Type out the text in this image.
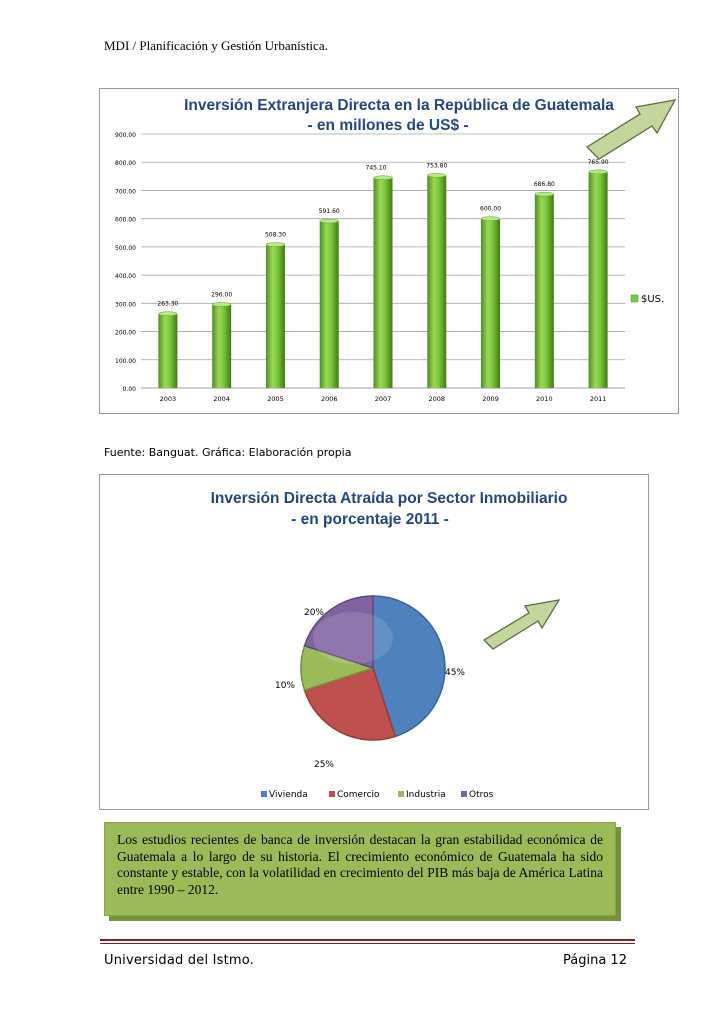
MDI / Planificación y Gestión Urbanística.
Inversión Extranjera Directa en la República de Guatemala
- en millones de US$ -
0.00
100.00
200.00
300.00
400.00
500.00
600.00
700.00
800.00
900.00
2003	2004	2005	2006	2007	2008	2009	2010	2011
263.30
296.00
508.30
591.60
745.10	753.80
600.00
686.80
765.90
$US.
Fuente: Banguat. Gráfica: Elaboración propia
Inversión Directa Atraída por Sector Inmobiliario
- en porcentaje 2011 -
45%
25%
10%
20%
Vivienda	Comercio	Industria	Otros

Los estudios recientes de banca de inversión destacan la gran estabilidad económica de Guatemala a lo largo de su historia. El crecimiento económico de Guatemala ha sido constante y estable, con la volatilidad en crecimiento del PIB más baja de América Latina entre 1990 – 2012.

Universidad del Istmo.	Página 12
